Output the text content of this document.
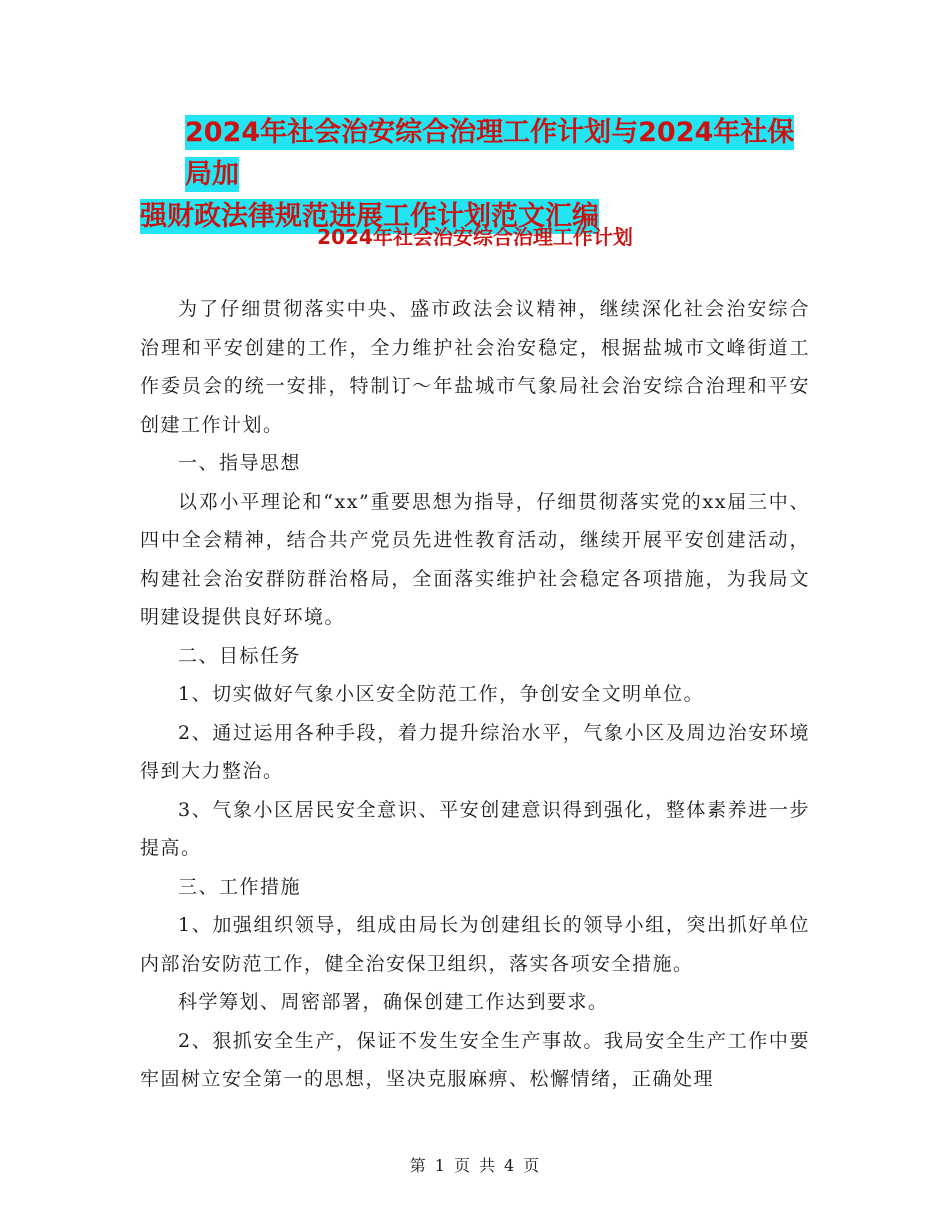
2024年社会治安综合治理工作计划与2024年社保局加
强财政法律规范进展工作计划范文汇编
2024年社会治安综合治理工作计划

为了仔细贯彻落实中央、盛市政法会议精神，继续深化社会治安综合治理和平安创建的工作，全力维护社会治安稳定，根据盐城市文峰街道工作委员会的统一安排，特制订～年盐城市气象局社会治安综合治理和平安创建工作计划。

一、指导思想

以邓小平理论和“xx”重要思想为指导，仔细贯彻落实党的xx届三中、四中全会精神，结合共产党员先进性教育活动，继续开展平安创建活动，构建社会治安群防群治格局，全面落实维护社会稳定各项措施，为我局文明建设提供良好环境。

二、目标任务

1、切实做好气象小区安全防范工作，争创安全文明单位。

2、通过运用各种手段，着力提升综治水平，气象小区及周边治安环境得到大力整治。

3、气象小区居民安全意识、平安创建意识得到强化，整体素养进一步提高。

三、工作措施

1、加强组织领导，组成由局长为创建组长的领导小组，突出抓好单位内部治安防范工作，健全治安保卫组织，落实各项安全措施。

科学筹划、周密部署，确保创建工作达到要求。

2、狠抓安全生产，保证不发生安全生产事故。我局安全生产工作中要牢固树立安全第一的思想，坚决克服麻痹、松懈情绪，正确处理

第 1 页 共 4 页
